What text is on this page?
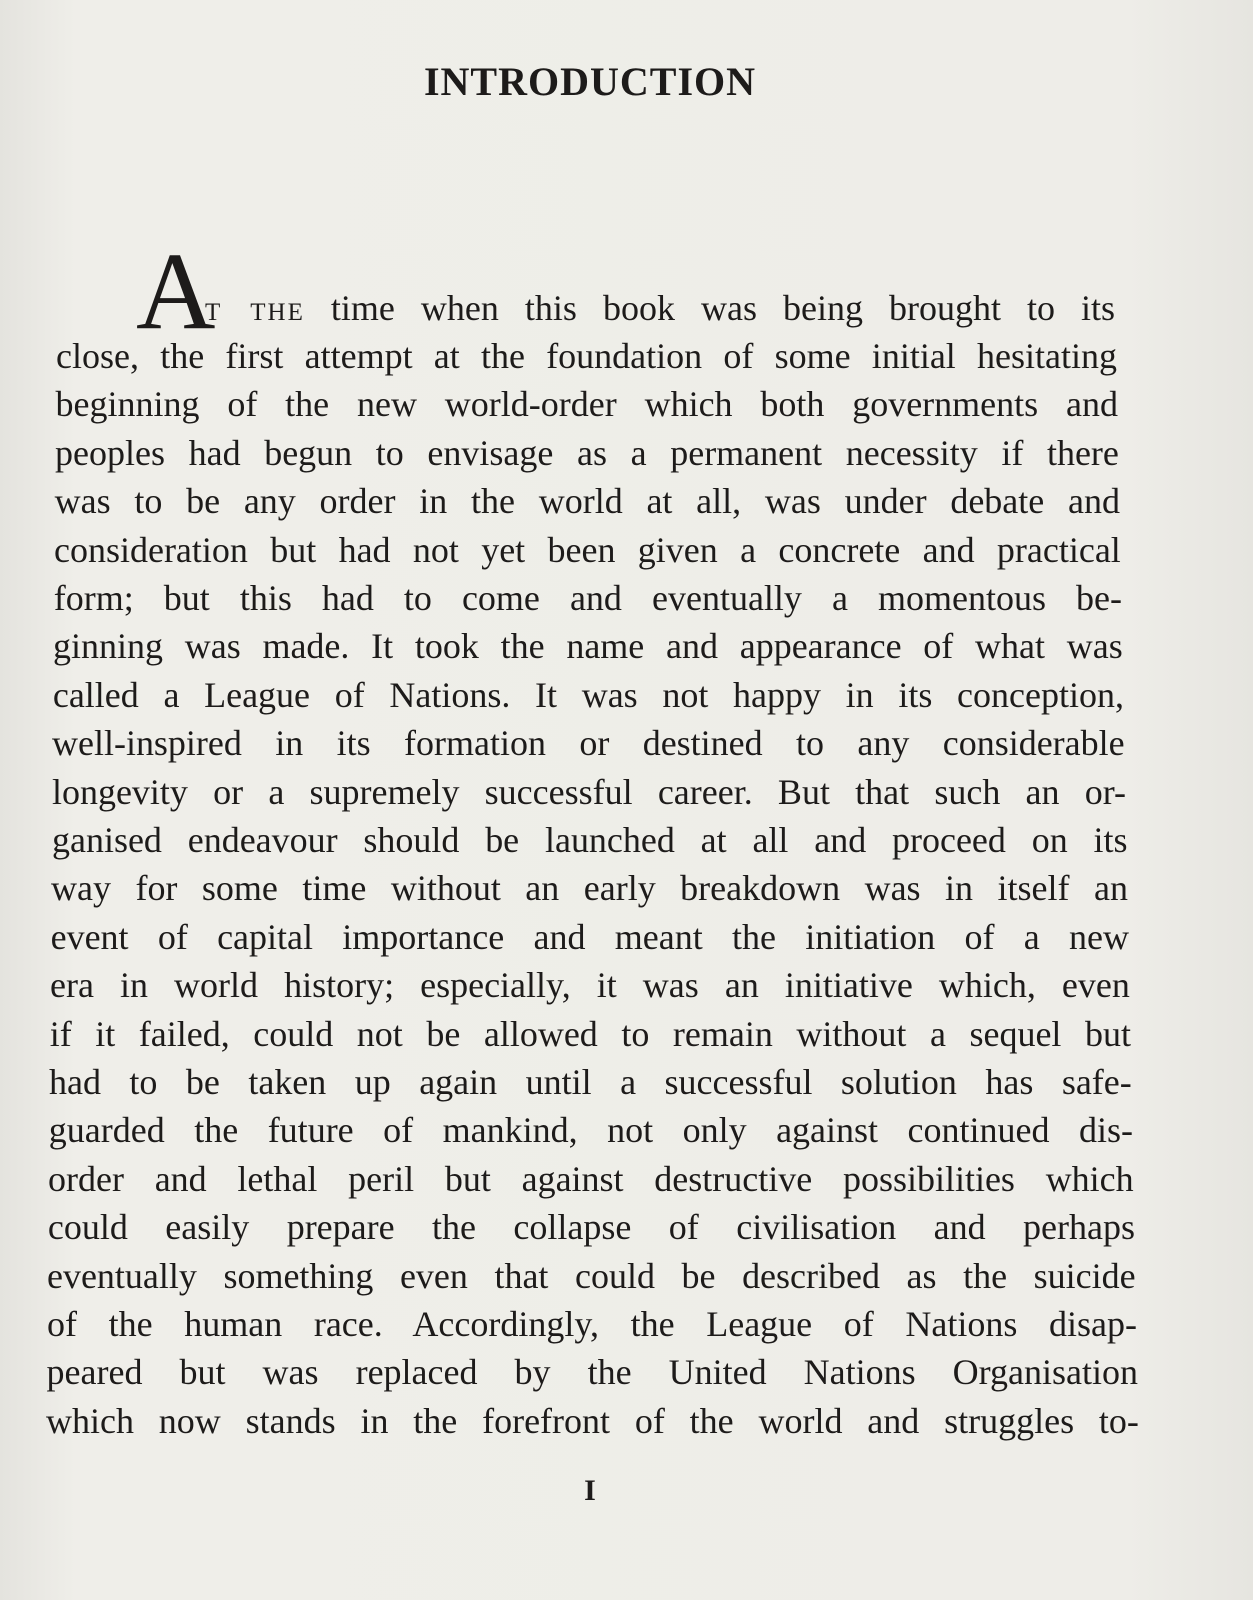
INTRODUCTION
A
t the time when this book was being brought to its
close, the first attempt at the foundation of some initial hesitating
beginning of the new world-order which both governments and
peoples had begun to envisage as a permanent necessity if there
was to be any order in the world at all, was under debate and
consideration but had not yet been given a concrete and practical
form; but this had to come and eventually a momentous be-
ginning was made. It took the name and appearance of what was
called a League of Nations. It was not happy in its conception,
well-inspired in its formation or destined to any considerable
longevity or a supremely successful career. But that such an or-
ganised endeavour should be launched at all and proceed on its
way for some time without an early breakdown was in itself an
event of capital importance and meant the initiation of a new
era in world history; especially, it was an initiative which, even
if it failed, could not be allowed to remain without a sequel but
had to be taken up again until a successful solution has safe-
guarded the future of mankind, not only against continued dis-
order and lethal peril but against destructive possibilities which
could easily prepare the collapse of civilisation and perhaps
eventually something even that could be described as the suicide
of the human race. Accordingly, the League of Nations disap-
peared but was replaced by the United Nations Organisation
which now stands in the forefront of the world and struggles to-
I
